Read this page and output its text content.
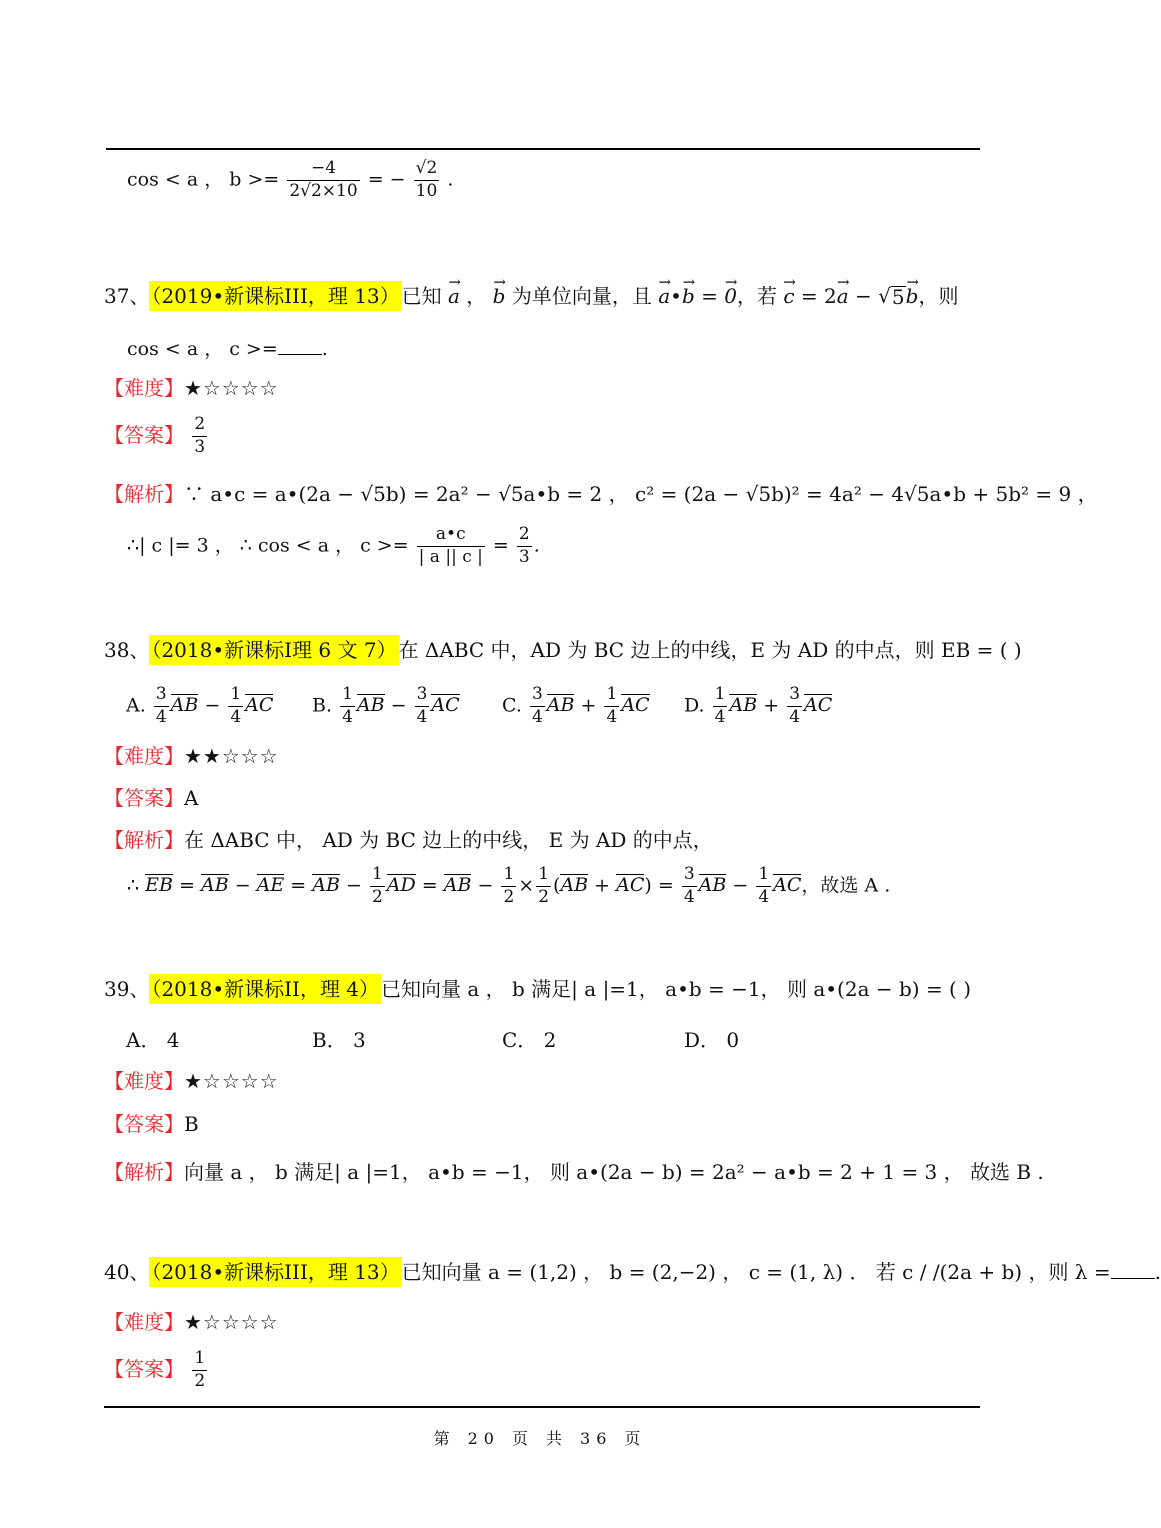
cos < a ， $b >= \frac{-4}{2√2\times 10}$ = − $\frac{√2}{10}$ .
37、 （2019•新课标III，理 13） 已知 → a ， → b 为单位向量，且 → a•→ b = → 0，若 → c = 2→ a − √ 5 → b，则
cos < a ， c >= .
【难度】★☆☆☆☆
【答案】 $\frac{2}{3}$
【解析】∵ a•c = a•(2a − √5b) = 2a² − √5a•b = 2 ， c² = (2a − √5b)² = 4a² − 4√5a•b + 5b² = 9 ，
∴| c |= 3 ， ∴ cos < a ， $c >= \frac{a•c}{| a || c |} = \frac{2}{3}$ .
38、 （2018•新课标I理 6 文 7） 在 ΔABC 中，AD 为 BC 边上的中线，E 为 AD 的中点，则 EB = ( )
A. $\frac{3}{4}$ AB − $\frac{1}{4}$ AC B. $\frac{1}{4}$ AB − $\frac{3}{4}$ AC C. $\frac{3}{4}$ AB + $\frac{1}{4}$ AC D. $\frac{1}{4}$ AB + $\frac{3}{4}$ AC
【难度】★★☆☆☆
【答案】A
【解析】在 ΔABC 中， AD 为 BC 边上的中线， E 为 AD 的中点，
∴ EB = AB − AE = AB − $\frac{1}{2}$ AD = AB − $\frac{1}{2} \times \frac{1}{2} (AB + AC) = \frac{3}{4}$ AB − $\frac{1}{4}$ AC，故选 A .
39、 （2018•新课标II，理 4） 已知向量 a ， b 满足| a |=1， a•b = −1， 则 a•(2a − b) = ( )
A． 4	B． 3	C． 2	D． 0
【难度】★☆☆☆☆
【答案】B
【解析】向量 a ， b 满足| a |=1， a•b = −1， 则 a•(2a − b) = 2a² − a•b = 2 + 1 = 3 ， 故选 B .
40、 （2018•新课标III，理 13） 已知向量 a = (1,2) ， b = (2,−2) ， c = (1, λ) ． 若 c / /(2a + b) ，则 λ = .
【难度】★☆☆☆☆
【答案】 $\frac{1}{2}$
第 20 页 共 36 页
